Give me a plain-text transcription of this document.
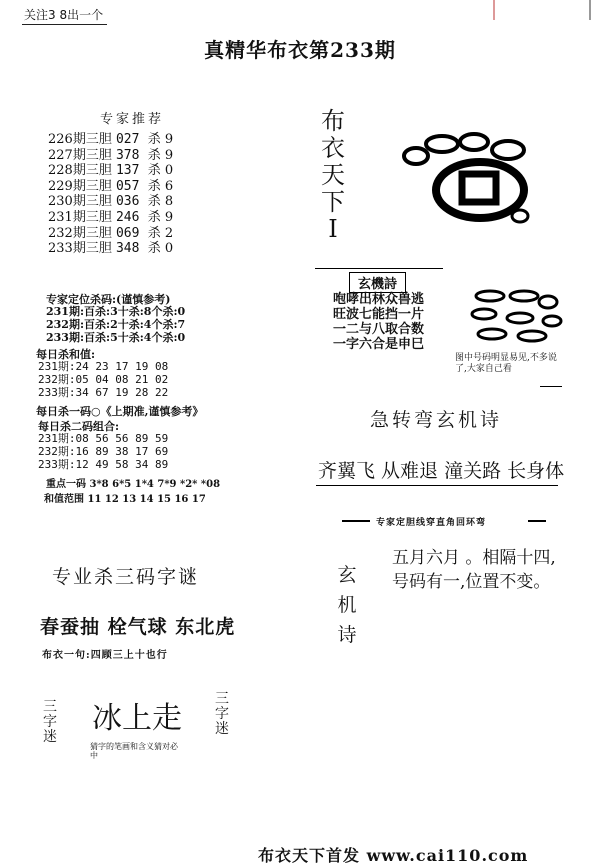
关注3 8出一个
真精华布衣第233期
专家推荐
226期三胆 027 杀 9
227期三胆 378 杀 9
228期三胆 137 杀 0
229期三胆 057 杀 6
230期三胆 036 杀 8
231期三胆 246 杀 9
232期三胆 069 杀 2
233期三胆 348 杀 0
专家定位杀码:(谨慎参考)
231期:百杀:3十杀:8个杀:0
232期:百杀:2十杀:4个杀:7
233期:百杀:5十杀:4个杀:0
每日杀和值:
231期:24 23 17 19 08
232期:05 04 08 21 02
233期:34 67 19 28 22
每日杀一码○《上期准,谨慎参考》
每日杀二码组合:
231期:08 56 56 89 59
232期:16 89 38 17 69
233期:12 49 58 34 89
重点一码 3*8 6*5 1*4 7*9 *2* *08
和值范围 11 12 13 14 15 16 17
专业杀三码字谜
春蚕抽 栓气球 东北虎
布衣一句:四顾三上十也行
三字迷
冰上走
三字迷
猜字的笔画和含义猜对必中
布衣天下I
玄機詩
咆哮出林众兽逃
旺波七能挡一片
一二与八取合数
一字六合是申巳
图中号码明显易见,不多说了,大家自己看
急转弯玄机诗
齐翼飞 从难退 潼关路 长身体
专家定胆线穿直角回环弯
玄机诗
五月六月 。相隔十四,
号码有一,位置不变。
布衣天下首发 www.cai110.com
